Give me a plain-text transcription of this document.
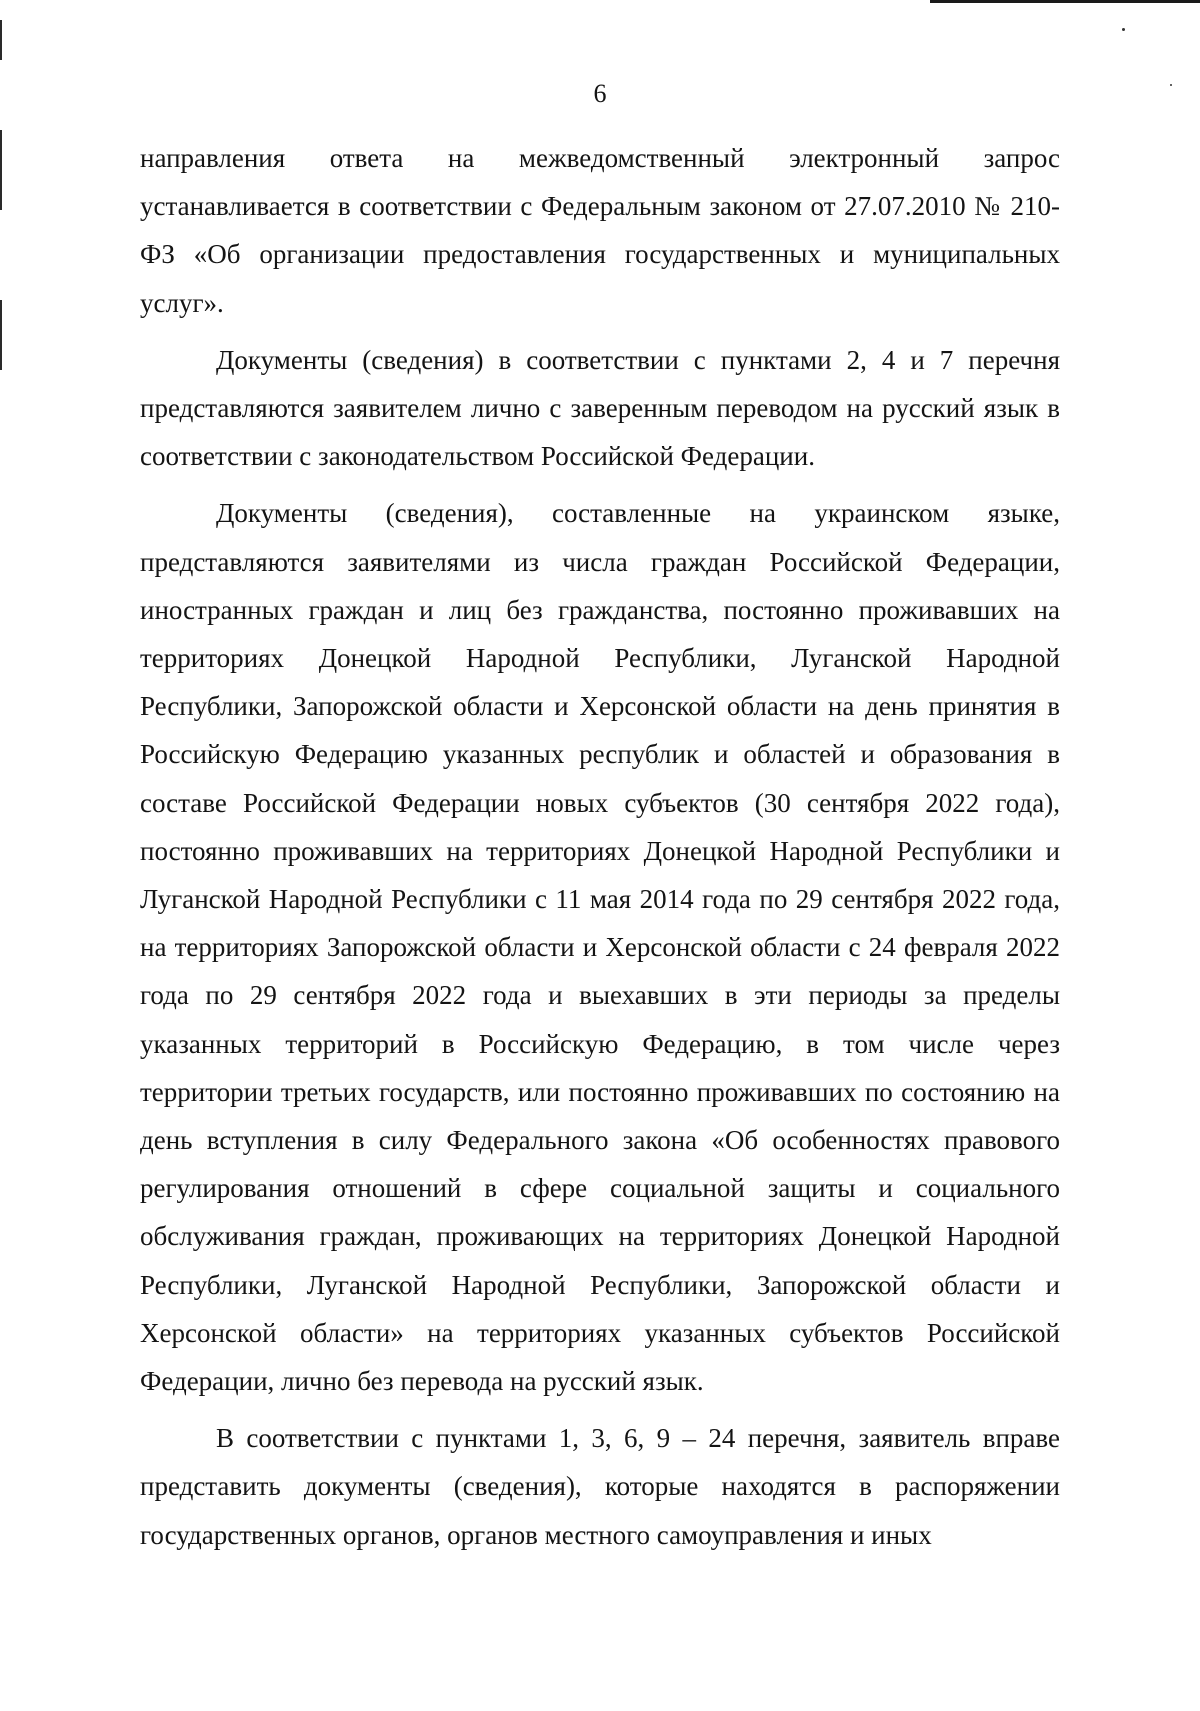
6

направления ответа на межведомственный электронный запрос устанавливается в соответствии с Федеральным законом от 27.07.2010 № 210-ФЗ «Об организации предоставления государственных и муниципальных услуг».

Документы (сведения) в соответствии с пунктами 2, 4 и 7 перечня представляются заявителем лично с заверенным переводом на русский язык в соответствии с законодательством Российской Федерации.

Документы (сведения), составленные на украинском языке, представляются заявителями из числа граждан Российской Федерации, иностранных граждан и лиц без гражданства, постоянно проживавших на территориях Донецкой Народной Республики, Луганской Народной Республики, Запорожской области и Херсонской области на день принятия в Российскую Федерацию указанных республик и областей и образования в составе Российской Федерации новых субъектов (30 сентября 2022 года), постоянно проживавших на территориях Донецкой Народной Республики и Луганской Народной Республики с 11 мая 2014 года по 29 сентября 2022 года, на территориях Запорожской области и Херсонской области с 24 февраля 2022 года по 29 сентября 2022 года и выехавших в эти периоды за пределы указанных территорий в Российскую Федерацию, в том числе через территории третьих государств, или постоянно проживавших по состоянию на день вступления в силу Федерального закона «Об особенностях правового регулирования отношений в сфере социальной защиты и социального обслуживания граждан, проживающих на территориях Донецкой Народной Республики, Луганской Народной Республики, Запорожской области и Херсонской области» на территориях указанных субъектов Российской Федерации, лично без перевода на русский язык.

В соответствии с пунктами 1, 3, 6, 9 – 24 перечня, заявитель вправе представить документы (сведения), которые находятся в распоряжении государственных органов, органов местного самоуправления и иных
